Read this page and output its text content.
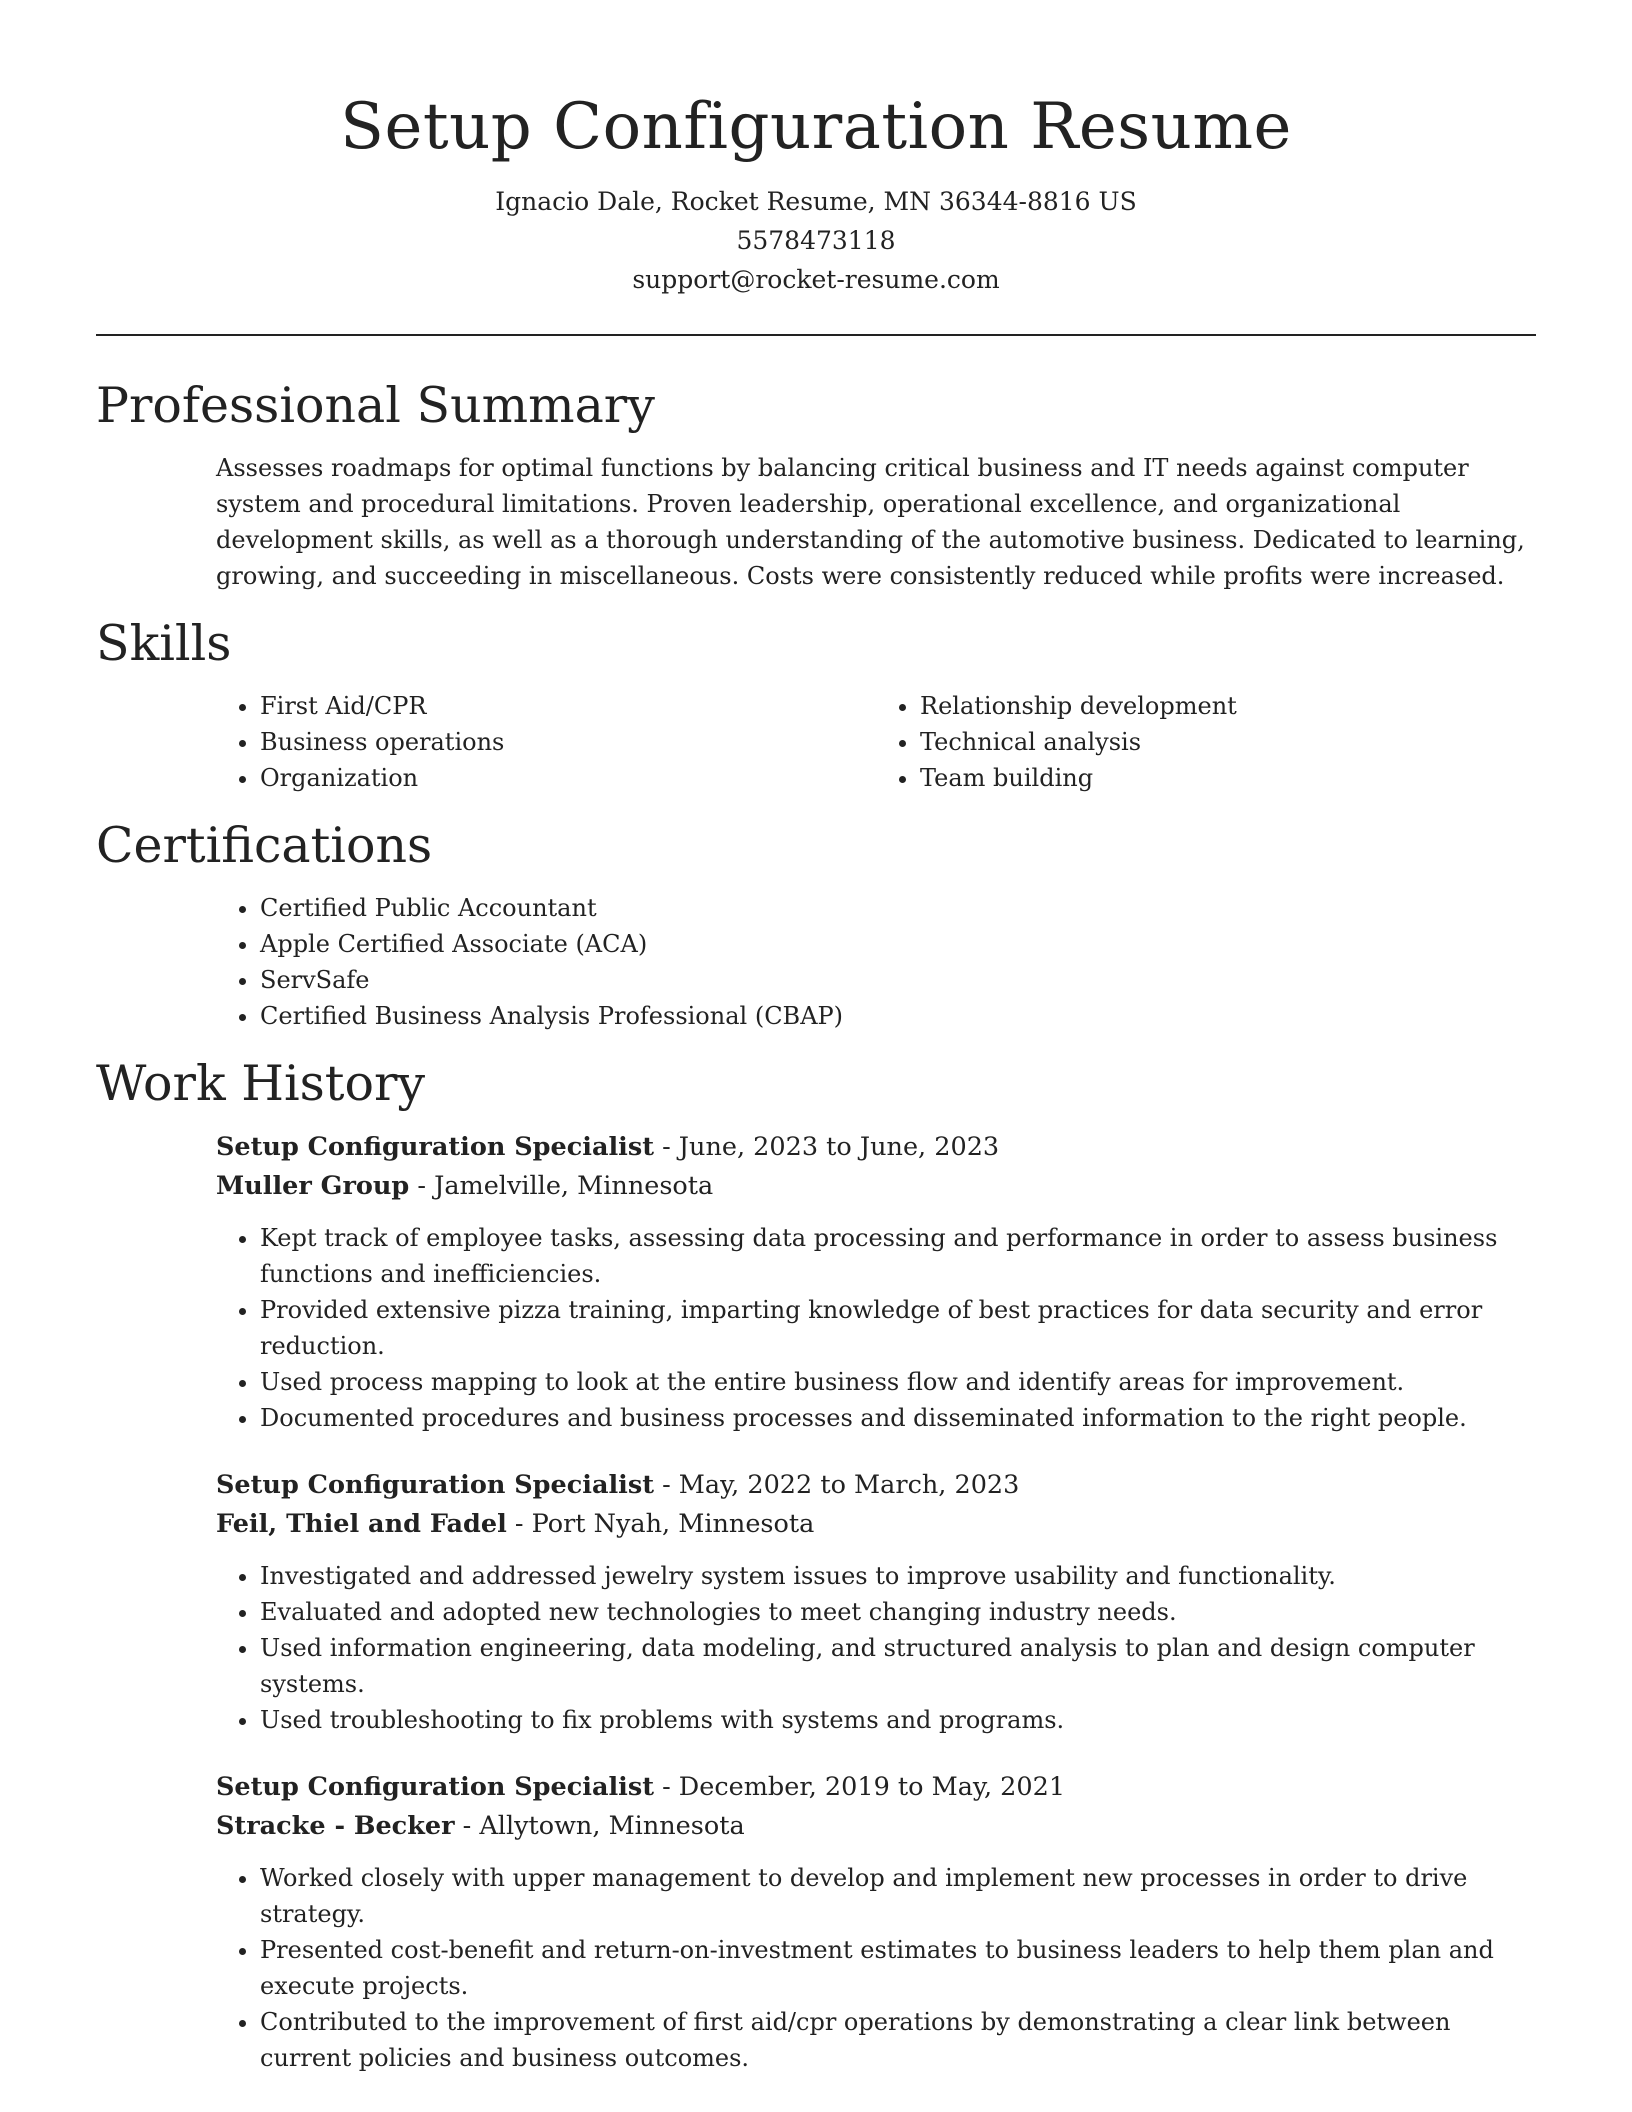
Setup Configuration Resume
Ignacio Dale, Rocket Resume, MN 36344-8816 US
5578473118
support@rocket-resume.com
Professional Summary

Assesses roadmaps for optimal functions by balancing critical business and IT needs against computer system and procedural limitations. Proven leadership, operational excellence, and organizational development skills, as well as a thorough understanding of the automotive business. Dedicated to learning, growing, and succeeding in miscellaneous. Costs were consistently reduced while profits were increased.

Skills
• First Aid/CPR
• Business operations
• Organization
• Relationship development
• Technical analysis
• Team building
Certifications
• Certified Public Accountant
• Apple Certified Associate (ACA)
• ServSafe
• Certified Business Analysis Professional (CBAP)
Work History
Setup Configuration Specialist - June, 2023 to June, 2023
Muller Group - Jamelville, Minnesota
• Kept track of employee tasks, assessing data processing and performance in order to assess business functions and inefficiencies.
• Provided extensive pizza training, imparting knowledge of best practices for data security and error reduction.
• Used process mapping to look at the entire business flow and identify areas for improvement.
• Documented procedures and business processes and disseminated information to the right people.
Setup Configuration Specialist - May, 2022 to March, 2023
Feil, Thiel and Fadel - Port Nyah, Minnesota
• Investigated and addressed jewelry system issues to improve usability and functionality.
• Evaluated and adopted new technologies to meet changing industry needs.
• Used information engineering, data modeling, and structured analysis to plan and design computer systems.
• Used troubleshooting to fix problems with systems and programs.
Setup Configuration Specialist - December, 2019 to May, 2021
Stracke - Becker - Allytown, Minnesota
• Worked closely with upper management to develop and implement new processes in order to drive strategy.
• Presented cost-benefit and return-on-investment estimates to business leaders to help them plan and execute projects.
• Contributed to the improvement of first aid/cpr operations by demonstrating a clear link between current policies and business outcomes.
